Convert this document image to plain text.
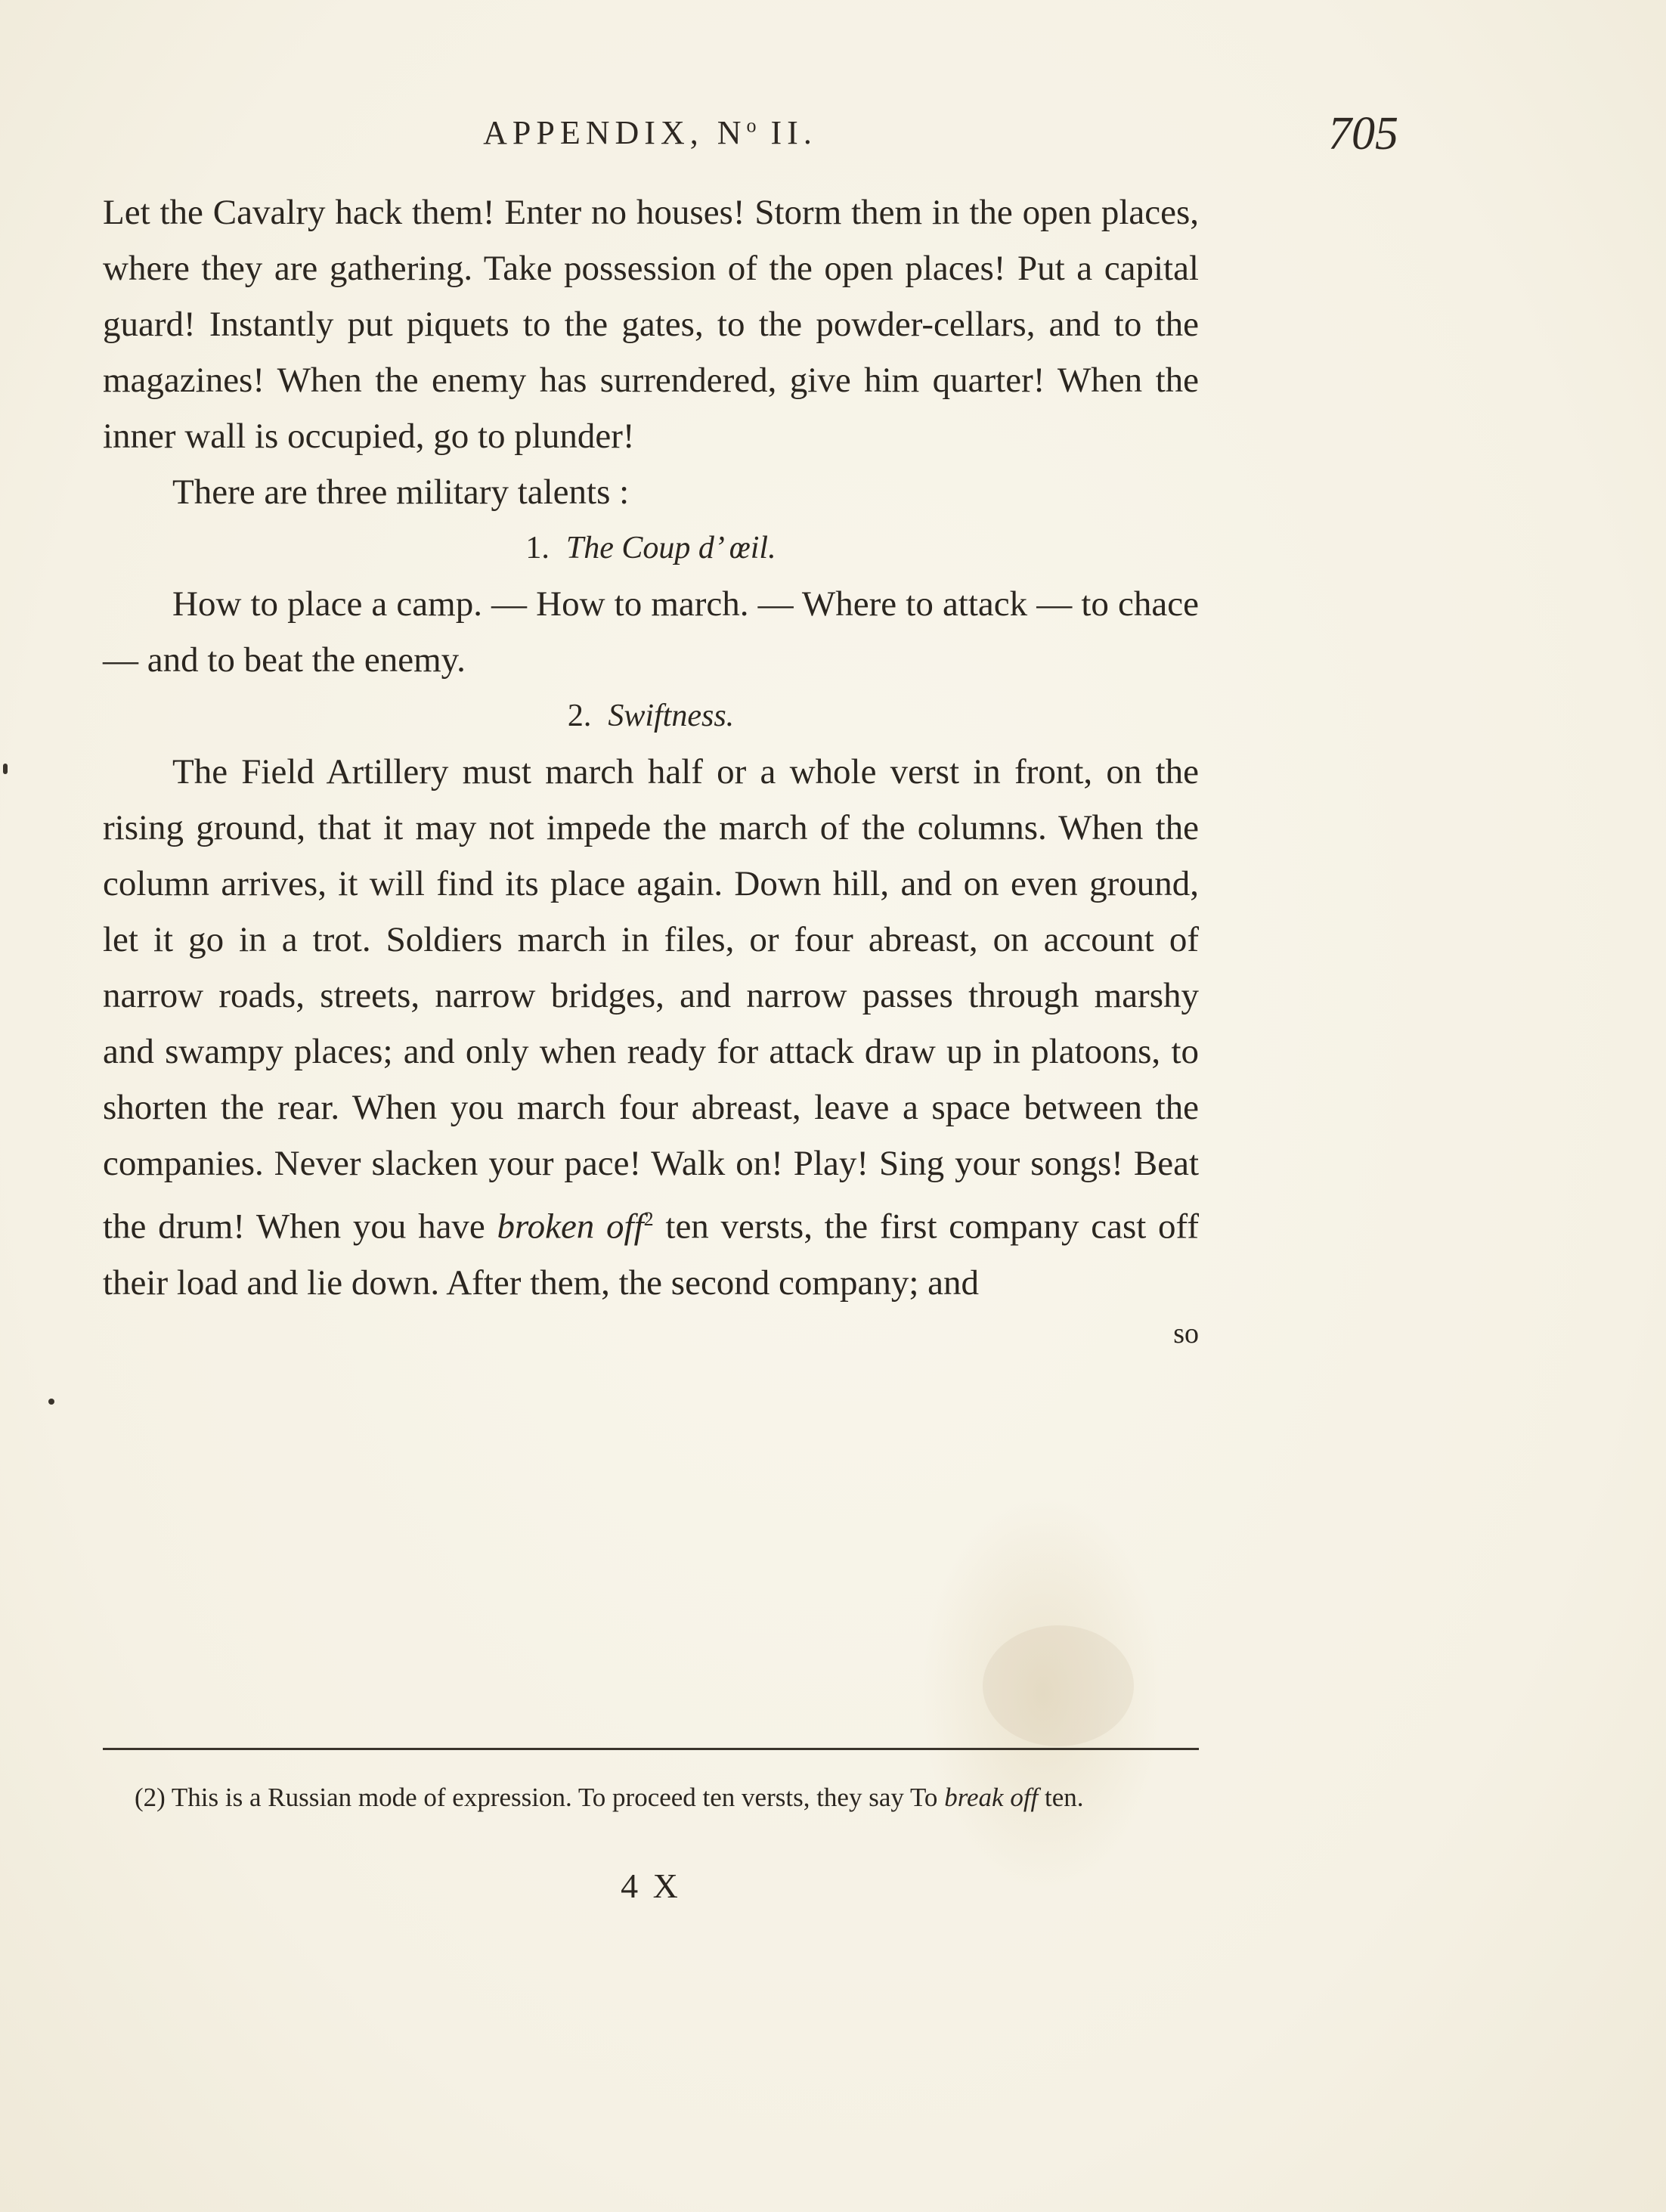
APPENDIX, $N^o$ II.	705

Let the Cavalry hack them! Enter no houses! Storm them in the open places, where they are gathering. Take possession of the open places! Put a capital guard! Instantly put piquets to the gates, to the powder-cellars, and to the magazines! When the enemy has surrendered, give him quarter! When the inner wall is occupied, go to plunder!

There are three military talents :

1. The Coup d’ œil.

How to place a camp. — How to march. — Where to attack — to chace — and to beat the enemy.

2. Swiftness.

The Field Artillery must march half or a whole verst in front, on the rising ground, that it may not impede the march of the columns. When the column arrives, it will find its place again. Down hill, and on even ground, let it go in a trot. Soldiers march in files, or four abreast, on account of narrow roads, streets, narrow bridges, and narrow passes through marshy and swampy places; and only when ready for attack draw up in platoons, to shorten the rear. When you march four abreast, leave a space between the companies. Never slacken your pace! Walk on! Play! Sing your songs! Beat the drum! When you have broken off$^2$ ten versts, the first company cast off their load and lie down. After them, the second company; and

so

(2) This is a Russian mode of expression. To proceed ten versts, they say To break off ten.

4 X
